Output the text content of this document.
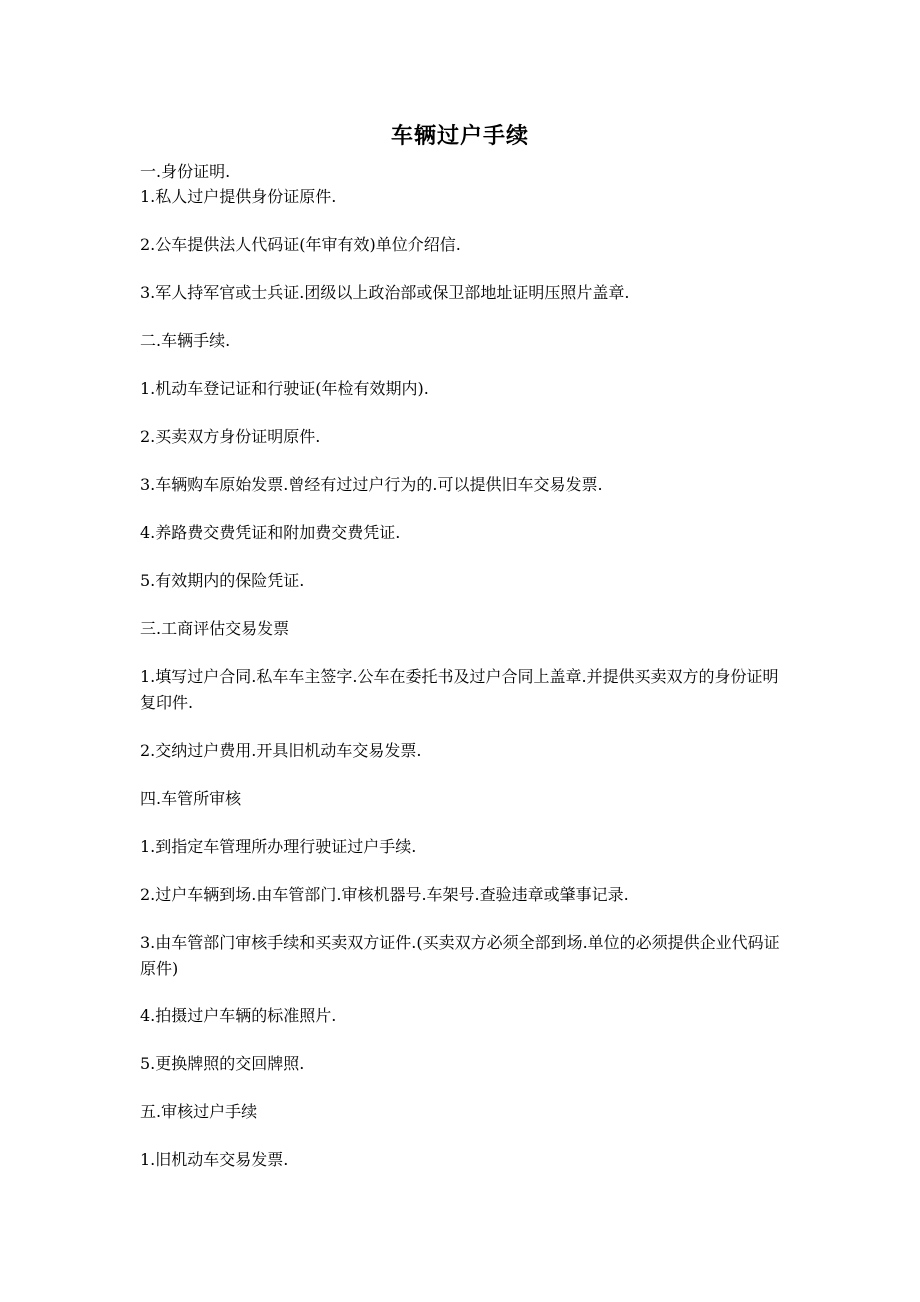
车辆过户手续
一.身份证明.
1.私人过户提供身份证原件.
2.公车提供法人代码证(年审有效)单位介绍信.
3.军人持军官或士兵证.团级以上政治部或保卫部地址证明压照片盖章.
二.车辆手续.
1.机动车登记证和行驶证(年检有效期内).
2.买卖双方身份证明原件.
3.车辆购车原始发票.曾经有过过户行为的.可以提供旧车交易发票.
4.养路费交费凭证和附加费交费凭证.
5.有效期内的保险凭证.
三.工商评估交易发票
1.填写过户合同.私车车主签字.公车在委托书及过户合同上盖章.并提供买卖双方的身份证明复印件.
2.交纳过户费用.开具旧机动车交易发票.
四.车管所审核
1.到指定车管理所办理行驶证过户手续.
2.过户车辆到场.由车管部门.审核机器号.车架号.查验违章或肇事记录.
3.由车管部门审核手续和买卖双方证件.(买卖双方必须全部到场.单位的必须提供企业代码证原件)
4.拍摄过户车辆的标准照片.
5.更换牌照的交回牌照.
五.审核过户手续
1.旧机动车交易发票.
